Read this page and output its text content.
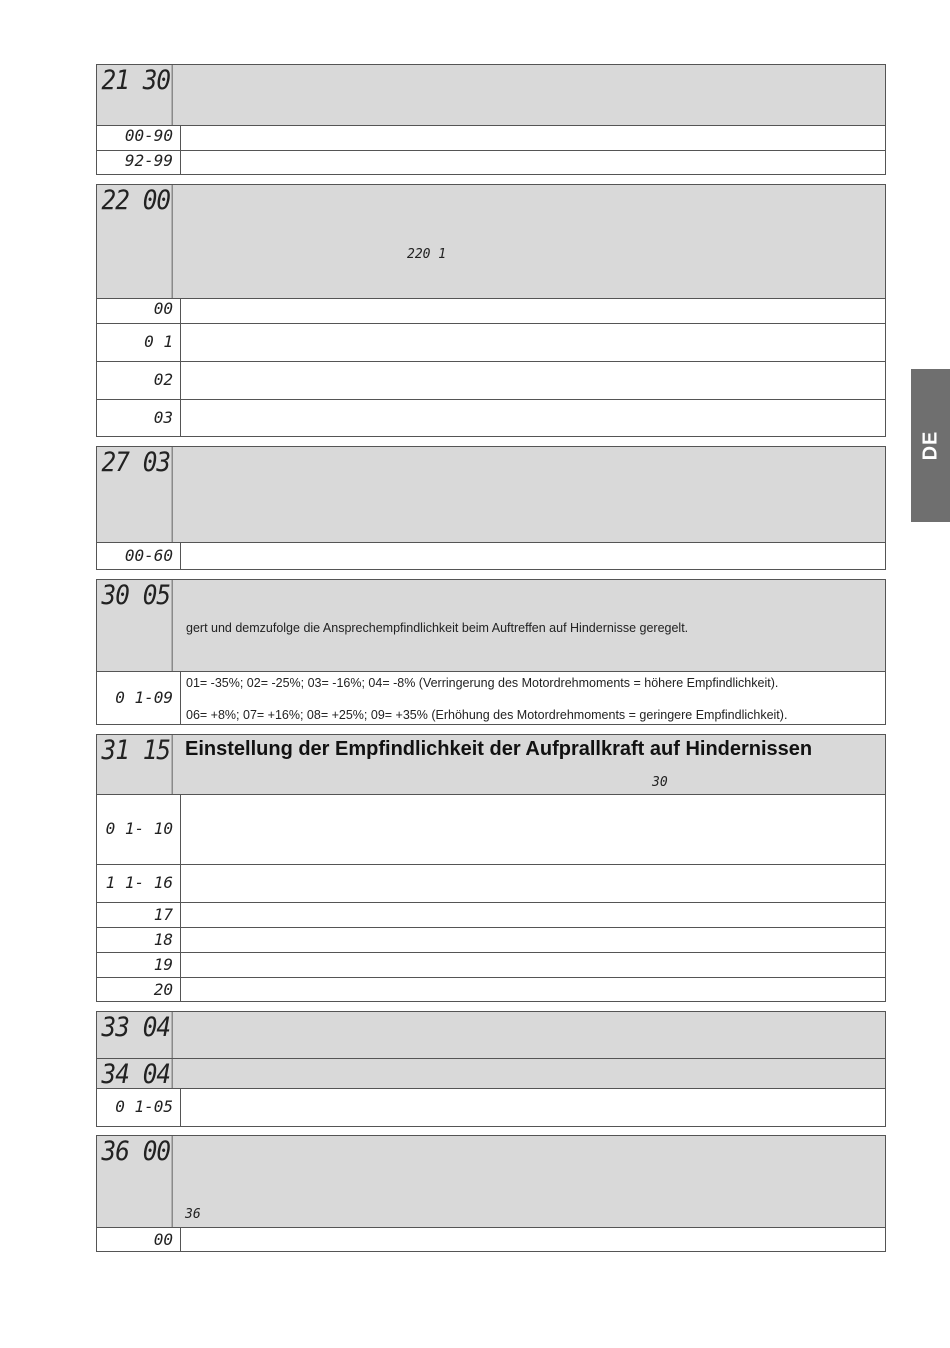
21 30
00-90
92-99
22 00
220 1
00
0 1
02
03
27 03
00-60
30 05
gert und demzufolge die Ansprechempfindlichkeit beim Auftreffen auf Hindernisse geregelt.
0 1-09
01= -35%; 02= -25%; 03= -16%; 04= -8% (Verringerung des Motordrehmoments = höhere Empfindlichkeit).
06= +8%; 07= +16%; 08= +25%; 09= +35% (Erhöhung des Motordrehmoments = geringere Empfindlichkeit).
31 15 Einstellung der Empfindlichkeit der Aufprallkraft auf Hindernissen
30
0 1- 10
1 1- 16
17
18
19
20
33 04
34 04
0 1-05
36 00
36
00
DE
